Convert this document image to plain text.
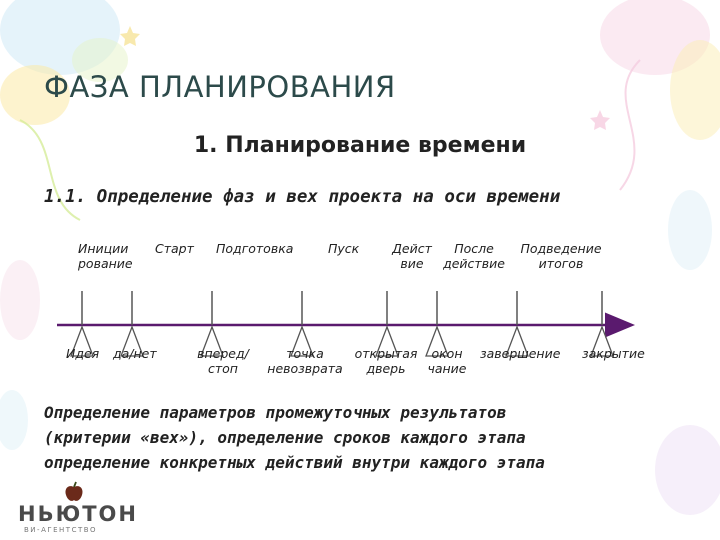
ФАЗА ПЛАНИРОВАНИЯ
1. Планирование времени
1.1. Определение фаз и вех проекта на оси времени
Иниции
рование
Старт Подготовка	Пуск	Дейст
вие
После
действие
Подведение
итогов
Идея да/нет	вперед/
стоп
точка
невозврата
открытая
дверь
окон
чание
завершение закрытие
Определение параметров промежуточных результатов
(критерии «вех»), определение сроков каждого этапа
определение конкретных действий внутри каждого этапа
НЬЮТОН
ВИ-АГЕНТСТВО
